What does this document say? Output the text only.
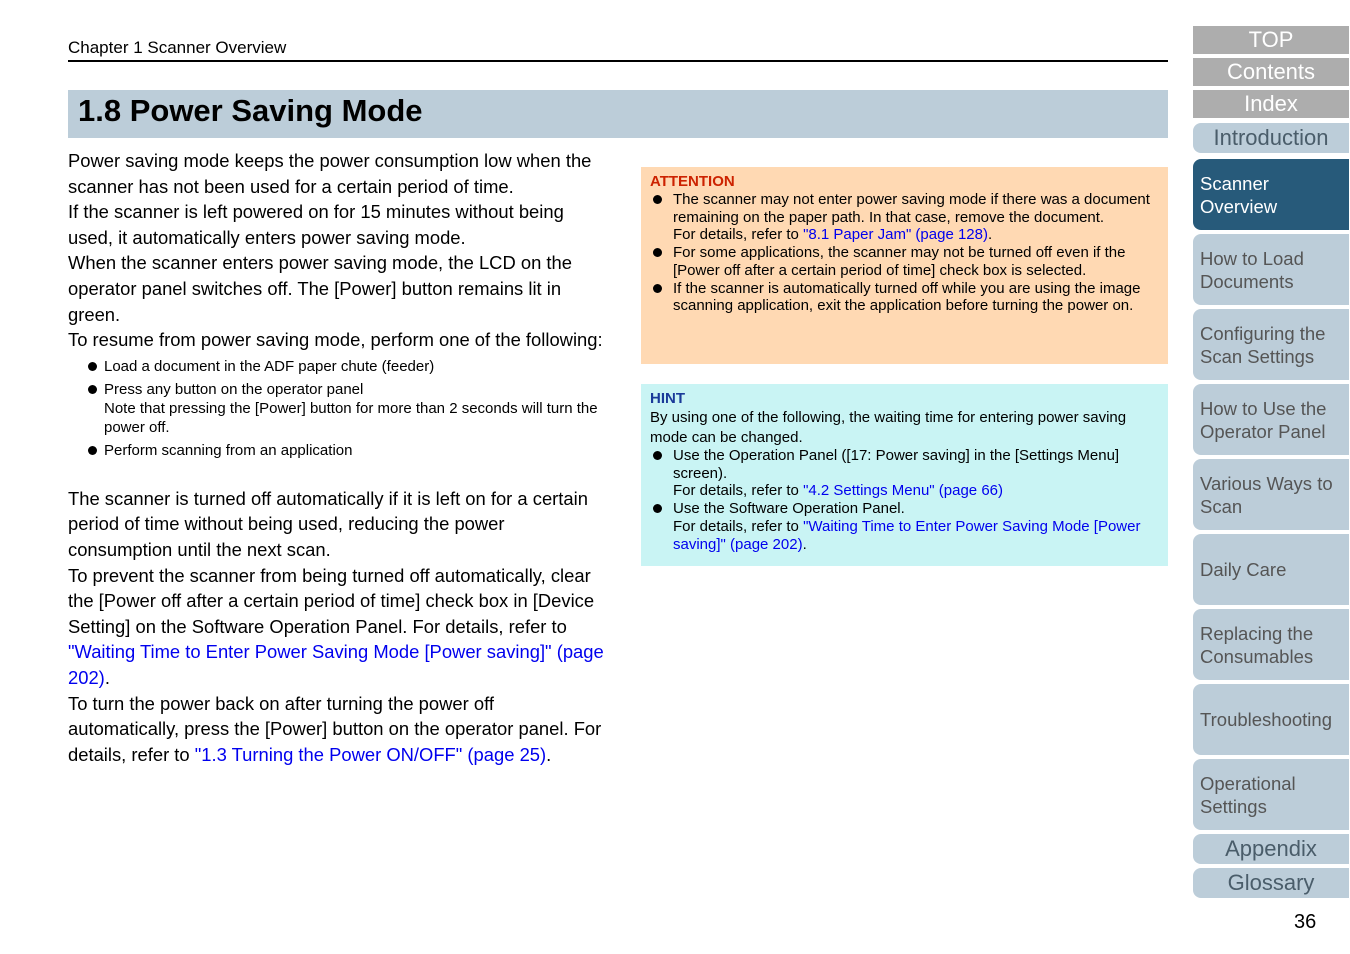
Chapter 1 Scanner Overview
1.8 Power Saving Mode

Power saving mode keeps the power consumption low when the scanner has not been used for a certain period of time.

If the scanner is left powered on for 15 minutes without being used, it automatically enters power saving mode.

When the scanner enters power saving mode, the LCD on the operator panel switches off. The [Power] button remains lit in green.

To resume from power saving mode, perform one of the following:

Load a document in the ADF paper chute (feeder)
Press any button on the operator panel
Note that pressing the [Power] button for more than 2 seconds will turn the power off.
Perform scanning from an application

The scanner is turned off automatically if it is left on for a certain period of time without being used, reducing the power consumption until the next scan.

To prevent the scanner from being turned off automatically, clear the [Power off after a certain period of time] check box in [Device Setting] on the Software Operation Panel. For details, refer to "Waiting Time to Enter Power Saving Mode [Power saving]" (page 202).

To turn the power back on after turning the power off automatically, press the [Power] button on the operator panel. For details, refer to "1.3 Turning the Power ON/OFF" (page 25).

ATTENTION
The scanner may not enter power saving mode if there was a document remaining on the paper path. In that case, remove the document.
For details, refer to "8.1 Paper Jam" (page 128).
For some applications, the scanner may not be turned off even if the [Power off after a certain period of time] check box is selected.
If the scanner is automatically turned off while you are using the image scanning application, exit the application before turning the power on.
HINT
By using one of the following, the waiting time for entering power saving mode can be changed.
Use the Operation Panel ([17: Power saving] in the [Settings Menu] screen).
For details, refer to "4.2 Settings Menu" (page 66)
Use the Software Operation Panel.
For details, refer to "Waiting Time to Enter Power Saving Mode [Power saving]" (page 202).
TOP
Contents
Index
Introduction
Scanner Overview
How to Load Documents
Configuring the Scan Settings
How to Use the Operator Panel
Various Ways to Scan
Daily Care
Replacing the Consumables
Troubleshooting
Operational Settings
Appendix
Glossary
36
